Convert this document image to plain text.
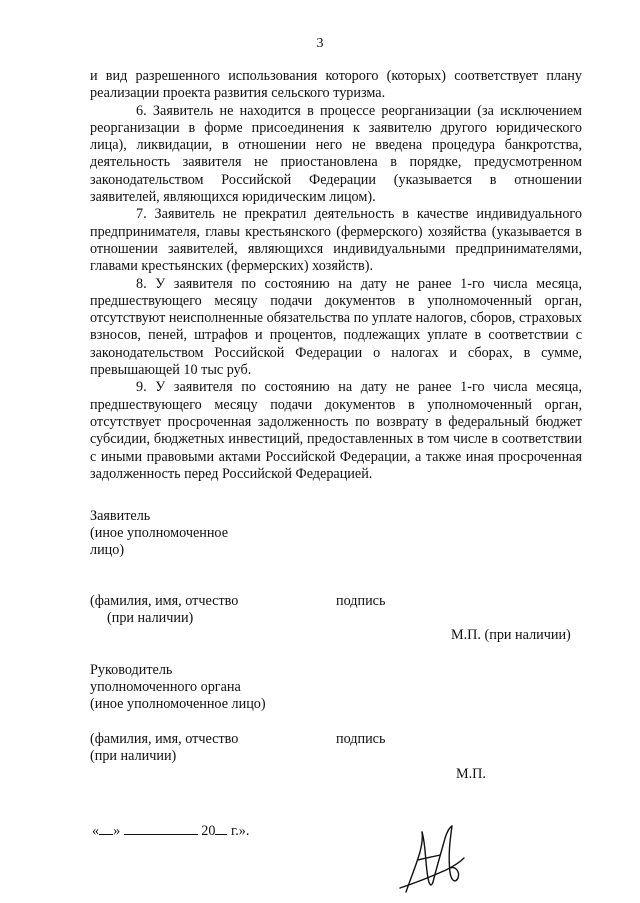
3

и вид разрешенного использования которого (которых) соответствует плану реализации проекта развития сельского туризма.

6. Заявитель не находится в процессе реорганизации (за исключением реорганизации в форме присоединения к заявителю другого юридического лица), ликвидации, в отношении него не введена процедура банкротства, деятельность заявителя не приостановлена в порядке, предусмотренном законодательством Российской Федерации (указывается в отношении заявителей, являющихся юридическим лицом).

7. Заявитель не прекратил деятельность в качестве индивидуального предпринимателя, главы крестьянского (фермерского) хозяйства (указывается в отношении заявителей, являющихся индивидуальными предпринимателями, главами крестьянских (фермерских) хозяйств).

8. У заявителя по состоянию на дату не ранее 1-го числа месяца, предшествующего месяцу подачи документов в уполномоченный орган, отсутствуют неисполненные обязательства по уплате налогов, сборов, страховых взносов, пеней, штрафов и процентов, подлежащих уплате в соответствии с законодательством Российской Федерации о налогах и сборах, в сумме, превышающей 10 тыс руб.

9. У заявителя по состоянию на дату не ранее 1-го числа месяца, предшествующего месяцу подачи документов в уполномоченный орган, отсутствует просроченная задолженность по возврату в федеральный бюджет субсидии, бюджетных инвестиций, предоставленных в том числе в соответствии с иными правовыми актами Российской Федерации, а также иная просроченная задолженность перед Российской Федерацией.

Заявитель
(иное уполномоченное
лицо)
(фамилия, имя, отчество
(при наличии)
подпись
М.П. (при наличии)
Руководитель
уполномоченного органа
(иное уполномоченное лицо)
(фамилия, имя, отчество
(при наличии)
подпись
М.П.
« »	20 г.».
